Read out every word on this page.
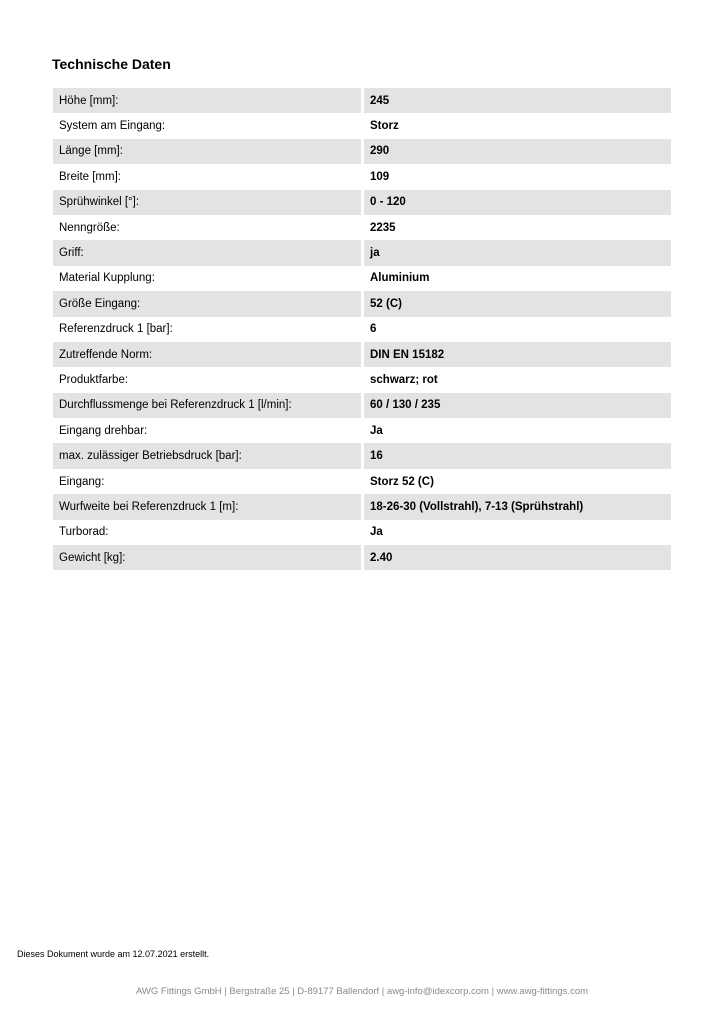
Technische Daten
Höhe [mm]:	245
System am Eingang:	Storz
Länge [mm]:	290
Breite [mm]:	109
Sprühwinkel [°]:	0 - 120
Nenngröße:	2235
Griff:	ja
Material Kupplung:	Aluminium
Größe Eingang:	52 (C)
Referenzdruck 1 [bar]:	6
Zutreffende Norm:	DIN EN 15182
Produktfarbe:	schwarz; rot
Durchflussmenge bei Referenzdruck 1 [l/min]:	60 / 130 / 235
Eingang drehbar:	Ja
max. zulässiger Betriebsdruck [bar]:	16
Eingang:	Storz 52 (C)
Wurfweite bei Referenzdruck 1 [m]:	18-26-30 (Vollstrahl), 7-13 (Sprühstrahl)
Turborad:	Ja
Gewicht [kg]:	2.40
Dieses Dokument wurde am 12.07.2021 erstellt.
AWG Fittings GmbH | Bergstraße 25 | D-89177 Ballendorf | awg-info@idexcorp.com | www.awg-fittings.com
